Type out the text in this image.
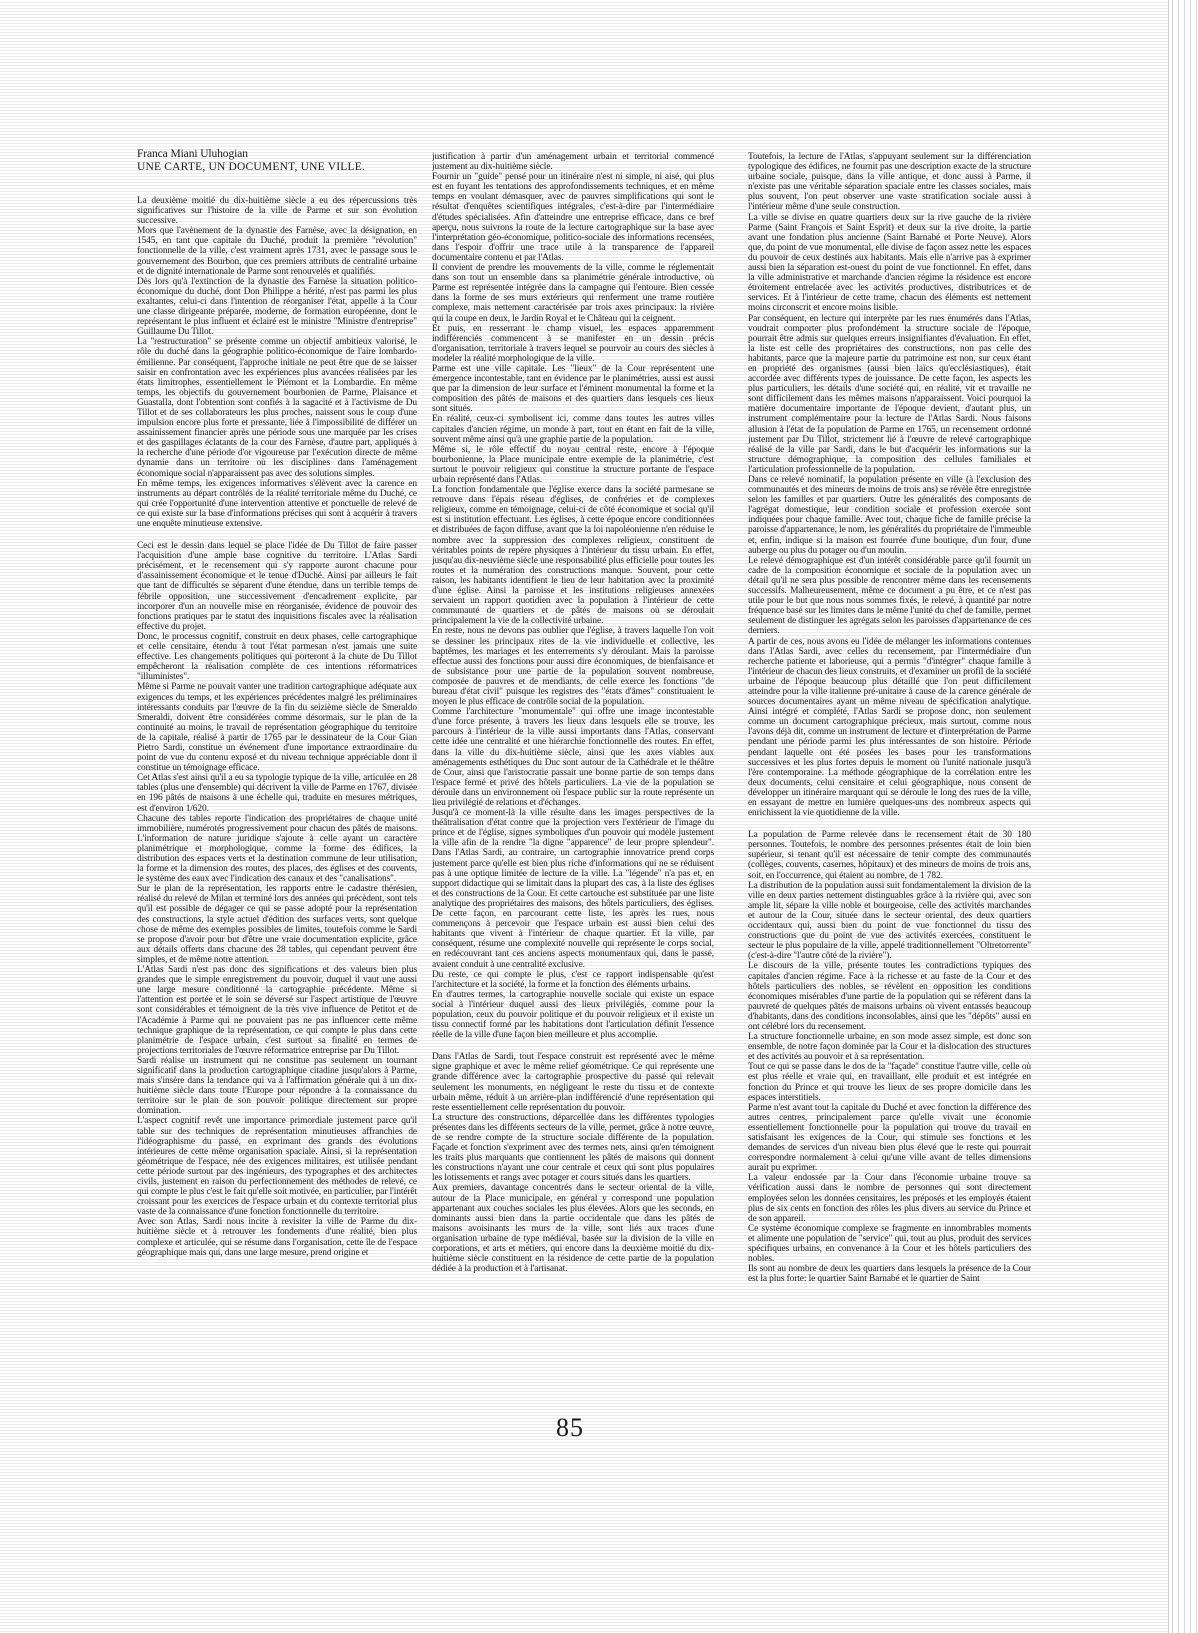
Franca Miani Uluhogian
UNE CARTE, UN DOCUMENT, UNE VILLE.

La deuxième moitié du dix-huitième siècle a eu des répercussions très significatives sur l'histoire de la ville de Parme et sur son évolution successive.

Mors que l'avènement de la dynastie des Farnèse, avec la désignation, en 1545, en tant que capitale du Duché, produit la première "révolution" fonctionnelle de la ville, c'est vraiment après 1731, avec le passage sous le gouvernement des Bourbon, que ces premiers attributs de centralité urbaine et de dignité internationale de Parme sont renouvelés et qualifiés.

Dès lors qu'à l'extinction de la dynastie des Farnèse la situation politico-économique du duché, dont Don Philippe a hérité, n'est pas parmi les plus exaltantes, celui-ci dans l'intention de réorganiser l'état, appelle à la Cour une classe dirigeante préparée, moderne, de formation européenne, dont le représentant le plus influent et éclairé est le ministre "Ministre d'entreprise" Guillaume Du Tillot.

La "restructuration" se présente comme un objectif ambitieux valorisé, le rôle du duché dans la géographie politico-économique de l'aire lombardo-émilienne. Par conséquent, l'approche initiale ne peut être que de se laisser saisir en confrontation avec les expériences plus avancées réalisées par les états limitrophes, essentiellement le Piémont et la Lombardie. En même temps, les objectifs du gouvernement bourbonien de Parme, Plaisance et Guastalla, dont l'obtention sont confiés à la sagacité et à l'activisme de Du Tillot et de ses collaborateurs les plus proches, naissent sous le coup d'une impulsion encore plus forte et pressante, liée à l'impossibilité de différer un assainissement financier après une période sous une marquée par les crises et des gaspillages éclatants de la cour des Farnèse, d'autre part, appliqués à la recherche d'une période d'or vigoureuse par l'exécution directe de même dynamie dans un territoire où les disciplines dans l'aménagement économique social n'apparaissent pas avec des solutions simples.

En même temps, les exigences informatives s'élèvent avec la carence en instruments au départ contrôlés de la réalité territoriale même du Duché, ce qui crée l'opportunité d'une intervention attentive et ponctuelle de relevé de ce qui existe sur la base d'informations précises qui sont à acquérir à travers une enquête minutieuse extensive.

Ceci est le dessin dans lequel se place l'idée de Du Tillot de faire passer l'acquisition d'une ample base cognitive du territoire. L'Atlas Sardi précisément, et le recensement qui s'y rapporte auront chacune pour d'assainissement économique et le tenue d'Duché. Ainsi par ailleurs le fait que tant de difficultés se séparent d'une étendue, dans un terrible temps de fébrile opposition, une successivement d'encadrement explicite, par incorporer d'un an nouvelle mise en réorganisée, évidence de pouvoir des fonctions pratiques par le statut des inquisitions fiscales avec la réalisation effective du projet.

Donc, le processus cognitif, construit en deux phases, celle cartographique et celle censitaire, étendu à tout l'état parmesan n'est jamais une suite effective. Les changements politiques qui porteront à la chute de Du Tillot empêcheront la réalisation complète de ces intentions réformatrices "illuministes".

Même si Parme ne pouvait vanter une tradition cartographique adéquate aux exigences du temps, et les expériences précédentes malgré les préliminaires intéressants conduits par l'œuvre de la fin du seizième siècle de Smeraldo Smeraldi, doivent être considérées comme désormais, sur le plan de la continuité au moins, le travail de représentation géographique du territoire de la capitale, réalisé à partir de 1765 par le dessinateur de la Cour Gian Pietro Sardi, constitue un événement d'une importance extraordinaire du point de vue du contenu exposé et du niveau technique appréciable dont il constitue un témoignage efficace.

Cet Atlas s'est ainsi qu'il a eu sa typologie typique de la ville, articulée en 28 tables (plus une d'ensemble) qui décrivent la ville de Parme en 1767, divisée en 196 pâtés de maisons à une échelle qui, traduite en mesures métriques, est d'environ 1/620.

Chacune des tables reporte l'indication des propriétaires de chaque unité immobilière, numérotés progressivement pour chacun des pâtés de maisons. L'information de nature juridique s'ajoute à celle ayant un caractère planimétrique et morphologique, comme la forme des édifices, la distribution des espaces verts et la destination commune de leur utilisation, la forme et la dimension des routes, des places, des églises et des couvents, le système des eaux avec l'indication des canaux et des "canalisations".

Sur le plan de la représentation, les rapports entre le cadastre thérésien, réalisé du relevé de Milan et terminé lors des années qui précèdent, sont tels qu'il est possible de dégager ce qui se passe adopté pour la représentation des constructions, la style actuel d'édition des surfaces verts, sont quelque chose de même des exemples possibles de limites, toutefois comme le Sardi se propose d'avoir pour but d'être une vraie documentation explicite, grâce aux détails offerts dans chacune des 28 tables, qui cependant peuvent être simples, et de même notre attention.

L'Atlas Sardi n'est pas donc des significations et des valeurs bien plus grandes que le simple enregistrement du pouvoir, duquel il vaut une aussi une large mesure conditionné la cartographie précédente. Même si l'attention est portée et le soin se déversé sur l'aspect artistique de l'œuvre sont considérables et témoignent de la très vive influence de Petitot et de l'Académie à Parme qui ne pouvaient pas ne pas influencer cette même technique graphique de la représentation, ce qui compte le plus dans cette planimétrie de l'espace urbain, c'est surtout sa finalité en termes de projections territoriales de l'œuvre réformatrice entreprise par Du Tillot.

Sardi réalise un instrument qui ne constitue pas seulement un tournant significatif dans la production cartographique citadine jusqu'alors à Parme, mais s'insère dans la tendance qui va à l'affirmation générale qui à un dix-huitième siècle dans toute l'Europe pour répondre à la connaissance du territoire sur le plan de son pouvoir politique directement sur propre domination.

L'aspect cognitif revêt une importance primordiale justement parce qu'il table sur des techniques de représentation minutieuses affranchies de l'idéographisme du passé, en exprimant des grands des évolutions intérieures de cette même organisation spaciale. Ainsi, si la représentation géométrique de l'espace, née des exigences militaires, est utilisée pendant cette période surtout par des ingénieurs, des typographes et des architectes civils, justement en raison du perfectionnement des méthodes de relevé, ce qui compte le plus c'est le fait qu'elle soit motivée, en particulier, par l'intérêt croissant pour les exercices de l'espace urbain et du contexte territorial plus vaste de la connaissance d'une fonction fonctionnelle du territoire.

Avec son Atlas, Sardi nous incite à revisiter la ville de Parme du dix-huitième siècle et à retrouver les fondements d'une réalité, bien plus complexe et articulée, qui se résume dans l'organisation, cette île de l'espace géographique mais qui, dans une large mesure, prend origine et

justification à partir d'un aménagement urbain et territorial commencé justement au dix-huitième siècle.

Fournir un "guide" pensé pour un itinéraire n'est ni simple, ni aisé, qui plus est en fuyant les tentations des approfondissements techniques, et en même temps en voulant démasquer, avec de pauvres simplifications qui sont le résultat d'enquêtes scientifiques intégrales, c'est-à-dire par l'intermédiaire d'études spécialisées. Afin d'atteindre une entreprise efficace, dans ce bref aperçu, nous suivrons la route de la lecture cartographique sur la base avec l'interprétation géo-économique, politico-sociale des informations recensées, dans l'espoir d'offrir une trace utile à la transparence de l'appareil documentaire contenu et par l'Atlas.

Il convient de prendre les mouvements de la ville, comme le réglementait dans son tout un ensemble dans sa planimétrie générale introductive, où Parme est représentée intégrée dans la campagne qui l'entoure. Bien cessée dans la forme de ses murs extérieurs qui renferment une trame routière complexe, mais nettement caractérisée par trois axes principaux: la rivière qui la coupe en deux, le Jardin Royal et le Château qui la ceignent.

Et puis, en resserrant le champ visuel, les espaces apparemment indifférenciés commencent à se manifester en un dessin précis d'organisation, territoriale à travers lequel se pourvoir au cours des siècles à modeler la réalité morphologique de la ville.

Parme est une ville capitale. Les "lieux" de la Cour représentent une émergence incontestable, tant en évidence par le planimétries, aussi est aussi que par la dimension de leur surface et l'éminent monumental la forme et la composition des pâtés de maisons et des quartiers dans lesquels ces lieux sont situés.

En réalité, ceux-ci symbolisent ici, comme dans toutes les autres villes capitales d'ancien régime, un monde à part, tout en étant en fait de la ville, souvent même ainsi qu'à une graphie partie de la population.

Même si, le rôle effectif du noyau central reste, encore à l'époque bourbonienne, la Place municipale entre exemple de la planimétrie, c'est surtout le pouvoir religieux qui constitue la structure portante de l'espace urbain représenté dans l'Atlas.

La fonction fondamentale que l'église exerce dans la société parmesane se retrouve dans l'épais réseau d'églises, de confréries et de complexes religieux, comme en témoignage, celui-ci de côté économique et social qu'il est si institution effectuant. Les églises, à cette époque encore conditionnées et distribuées de façon diffuse, avant que la loi napoléonienne n'en réduise le nombre avec la suppression des complexes religieux, constituent de véritables points de repère physiques à l'intérieur du tissu urbain. En effet, jusqu'au dix-neuvième siècle une responsabilité plus efficielle pour toutes les routes et la numération des constructions manque. Souvent, pour cette raison, les habitants identifient le lieu de leur habitation avec la proximité d'une église. Ainsi la paroisse et les institutions religieuses annexées servaient un rapport quotidien avec la population à l'intérieur de cette communauté de quartiers et de pâtés de maisons où se déroulait principalement la vie de la collectivité urbaine.

En reste, nous ne devons pas oublier que l'église, à travers laquelle l'on voit se dessiner les principaux rites de la vie individuelle et collective, les baptêmes, les mariages et les enterrements s'y déroulant. Mais la paroisse effectue aussi des fonctions pour aussi dire économiques, de bienfaisance et de subsistance pour une partie de la population souvent nombreuse, composée de pauvres et de mendiants, de celle exerce les fonctions "de bureau d'état civil" puisque les registres des "états d'âmes" constituaient le moyen le plus efficace de contrôle social de la population.

Comme l'architecture "monumentale" qui offre une image incontestable d'une force présente, à travers les lieux dans lesquels elle se trouve, les parcours à l'intérieur de la ville aussi importants dans l'Atlas, conservant cette idée une centralité et une hiérarchie fonctionnelle des routes. En effet, dans la ville du dix-huitième siècle, ainsi que les axes viables aux aménagements esthétiques du Duc sont autour de la Cathédrale et le théâtre de Cour, ainsi que l'aristocratie passait une bonne partie de son temps dans l'espace fermé et privé des hôtels particuliers. La vie de la population se déroule dans un environnement où l'espace public sur la route représente un lieu privilégié de relations et d'échanges.

Jusqu'à ce moment-là la ville résulte dans les images perspectives de la théâtralisation d'état contre que la projection vers l'extérieur de l'image du prince et de l'église, signes symboliques d'un pouvoir qui modèle justement la ville afin de la rendre "la digne "apparence" de leur propre splendeur". Dans l'Atlas Sardi, au contraire, un cartographie innovatrice prend corps justement parce qu'elle est bien plus riche d'informations qui ne se réduisent pas à une optique limitée de lecture de la ville. La "légende" n'a pas et, en support didactique qui se limitait dans la plupart des cas, à la liste des églises et des constructions de la Cour. Et cette cartouche est substituée par une liste analytique des propriétaires des maisons, des hôtels particuliers, des églises. De cette façon, en parcourant cette liste, les après les rues, nous commençons à percevoir que l'espace urbain est aussi bien celui des habitants que vivent à l'intérieur de chaque quartier. Et la ville, par conséquent, résume une complexité nouvelle qui représente le corps social, en redécouvrant tant ces anciens aspects monumentaux qui, dans le passé, avaient conduit à une centralité exclusive.

Du reste, ce qui compte le plus, c'est ce rapport indispensable qu'est l'architecture et la société, la forme et la fonction des éléments urbains.

En d'autres termes, la cartographie nouvelle sociale qui existe un espace social à l'intérieur duquel aussi des lieux privilégiés, comme pour la population, ceux du pouvoir politique et du pouvoir religieux et il existe un tissu connectif formé par les habitations dont l'articulation définit l'essence réelle de la ville d'une façon bien meilleure et plus accomplie.

Dans l'Atlas de Sardi, tout l'espace construit est représenté avec le même signe graphique et avec le même relief géométrique. Ce qui représente une grande différence avec la cartographie prospective du passé qui relevait seulement les monuments, en négligeant le reste du tissu et de contexte urbain même, réduit à un arrière-plan indifférencié d'une représentation qui reste essentiellement celle représentation du pouvoir.

La structure des constructions, déparcellée dans les différentes typologies présentes dans les différents secteurs de la ville, permet, grâce à notre œuvre, de se rendre compte de la structure sociale différente de la population. Façade et fonction s'expriment avec des termes nets, ainsi qu'en témoignent les traits plus marquants que contiennent les pâtés de maisons qui donnent les constructions n'ayant une cour centrale et ceux qui sont plus populaires les lotissements et rangs avec potager et cours situés dans les quartiers.

Aux premiers, davantage concentrés dans le secteur oriental de la ville, autour de la Place municipale, en général y correspond une population appartenant aux couches sociales les plus élevées. Alors que les seconds, en dominants aussi bien dans la partie occidentale que dans les pâtés de maisons avoisinants les murs de la ville, sont liés aux traces d'une organisation urbaine de type médiéval, basée sur la division de la ville en corporations, et arts et métiers, qui encore dans la deuxième moitié du dix-huitième siècle constituent en la résidence de cette partie de la population dédiée à la production et à l'artisanat.

Toutefois, la lecture de l'Atlas, s'appuyant seulement sur la différenciation typologique des édifices, ne fournit pas une description exacte de la structure urbaine sociale, puisque, dans la ville antique, et donc aussi à Parme, il n'existe pas une véritable séparation spaciale entre les classes sociales, mais plus souvent, l'on peut observer une vaste stratification sociale aussi à l'intérieur même d'une seule construction.

La ville se divise en quatre quartiers deux sur la rive gauche de la rivière Parme (Saint François et Saint Esprit) et deux sur la rive droite, la partie avant une fondation plus ancienne (Saint Barnabé et Porte Neuve). Alors que, du point de vue monumental, elle divise de façon assez nette les espaces du pouvoir de ceux destinés aux habitants. Mais elle n'arrive pas à exprimer aussi bien la séparation est-ouest du point de vue fonctionnel. En effet, dans la ville administrative et marchande d'ancien régime la résidence est encore étroitement entrelacée avec les activités productives, distributrices et de services. Et à l'intérieur de cette trame, chacun des éléments est nettement moins circonscrit et encore moins lisible.

Par conséquent, en lecture qui interprète par les rues énumérés dans l'Atlas, voudrait comporter plus profondément la structure sociale de l'époque, pourrait être admis sur quelques erreurs insignifiantes d'évaluation. En effet, la liste est celle des propriétaires des constructions, non pas celle des habitants, parce que la majeure partie du patrimoine est non, sur ceux étant en propriété des organismes (aussi bien laïcs qu'ecclésiastiques), était accordée avec différents types de jouissance. De cette façon, les aspects les plus particuliers, les détails d'une société qui, en réalité, vit et travaille ne sont difficilement dans les mêmes maisons n'apparaissent. Voici pourquoi la matière documentaire importante de l'époque devient, d'autant plus, un instrument complémentaire pour la lecture de l'Atlas Sardi. Nous faisons allusion à l'état de la population de Parme en 1765, un recensement ordonné justement par Du Tillot, strictement lié à l'œuvre de relevé cartographique réalisé de la ville par Sardi, dans le but d'acquérir les informations sur la structure démographique, la composition des cellules familiales et l'articulation professionnelle de la population.

Dans ce relevé nominatif, la population présente en ville (à l'exclusion des communautés et des mineurs de moins de trois ans) se révèle être enregistrée selon les familles et par quartiers. Outre les généralités des composants de l'agrégat domestique, leur condition sociale et profession exercée sont indiquées pour chaque famille. Avec tout, chaque fiche de famille précise la paroisse d'appartenance, le nom, les généralités du propriétaire de l'immeuble et, enfin, indique si la maison est fourrée d'une boutique, d'un four, d'une auberge ou plus du potager ou d'un moulin.

Le relevé démographique est d'un intérêt considérable parce qu'il fournit un cadre de la composition économique et sociale de la population avec un détail qu'il ne sera plus possible de rencontrer même dans les recensements successifs. Malheureusement, même ce document a pu être, et ce n'est pas utile pour le but que nous nous sommes fixés, le relevé, à quantité par notre fréquence basé sur les limites dans le même l'unité du chef de famille, permet seulement de distinguer les agrégats selon les paroisses d'appartenance de ces derniers.

A partir de ces, nous avons eu l'idée de mélanger les informations contenues dans l'Atlas Sardi, avec celles du recensement, par l'intermédiaire d'un recherche patiente et laborieuse, qui a permis "d'intégrer" chaque famille à l'intérieur de chacun des lieux construits, et d'examiner un profil de la société urbaine de l'époque beaucoup plus détaillé que l'on peut difficilement atteindre pour la ville italienne pré-unitaire à cause de la carence générale de sources documentaires ayant un même niveau de spécification analytique. Ainsi intégré et complété, l'Atlas Sardi se propose donc, non seulement comme un document cartographique précieux, mais surtout, comme nous l'avons déjà dit, comme un instrument de lecture et d'interprétation de Parme pendant une période parmi les plus intéressantes de son histoire. Période pendant laquelle ont été posées les bases pour les transformations successives et les plus fortes depuis le moment où l'unité nationale jusqu'à l'ère contemporaine. La méthode géographique de la corrélation entre les deux documents, celui censitaire et celui géographique, nous consent de développer un itinéraire marquant qui se déroule le long des rues de la ville, en essayant de mettre en lumière quelques-uns des nombreux aspects qui enrichissent la vie quotidienne de la ville.

La population de Parme relevée dans le recensement était de 30 180 personnes. Toutefois, le nombre des personnes présentes était de loin bien supérieur, si tenant qu'il est nécessaire de tenir compte des communautés (collèges, couvents, casernes, hôpitaux) et des mineurs de moins de trois ans, soit, en l'occurrence, qui étaient au nombre, de 1 782.

La distribution de la population aussi suit fondamentalement la division de la ville en deux parties nettement distinguables grâce à la rivière qui, avec son ample lit, sépare la ville noble et bourgeoise, celle des activités marchandes et autour de la Cour, située dans le secteur oriental, des deux quartiers occidentaux qui, aussi bien du point de vue fonctionnel du tissu des constructions que du point de vue des activités exercées, constituent le secteur le plus populaire de la ville, appelé traditionnellement "Oltretorrente" (c'est-à-dire "l'autre côté de la rivière").

Le discours de la ville, présente toutes les contradictions typiques des capitales d'ancien régime. Face à la richesse et au faste de la Cour et des hôtels particuliers des nobles, se révèlent en opposition les conditions économiques misérables d'une partie de la population qui se réfèrent dans la pauvreté de quelques pâtés de maisons urbains où vivent entassés beaucoup d'habitants, dans des conditions inconsolables, ainsi que les "dépôts" aussi en ont célébré lors du recensement.

La structure fonctionnelle urbaine, en son mode assez simple, est donc son ensemble, de notre façon dominée par la Cour et la dislocation des structures et des activités au pouvoir et à sa représentation.

Tout ce qui se passe dans le dos de la "façade" constitue l'autre ville, celle où est plus réelle et vraie qui, en travaillant, elle produit et est intégrée en fonction du Prince et qui trouve les lieux de ses propre domicile dans les espaces interstitiels.

Parme n'est avant tout la capitale du Duché et avec fonction la différence des autres centres, principalement parce qu'elle vivait une économie essentiellement fonctionnelle pour la population qui trouve du travail en satisfaisant les exigences de la Cour, qui stimule ses fonctions et les demandes de services d'un niveau bien plus élevé que le reste qui pourrait correspondre normalement à celui qu'une ville avant de telles dimensions aurait pu exprimer.

La valeur endossée par la Cour dans l'économie urbaine trouve sa vérification aussi dans le nombre de personnes qui sont directement employées selon les données censitaires, les préposés et les employés étaient plus de six cents en fonction des rôles les plus divers au service du Prince et de son appareil.

Ce système économique complexe se fragmente en innombrables moments et alimente une population de "service" qui, tout au plus, produit des services spécifiques urbains, en convenance à la Cour et les hôtels particuliers des nobles.

Ils sont au nombre de deux les quartiers dans lesquels la présence de la Cour est la plus forte: le quartier Saint Barnabé et le quartier de Saint

85
